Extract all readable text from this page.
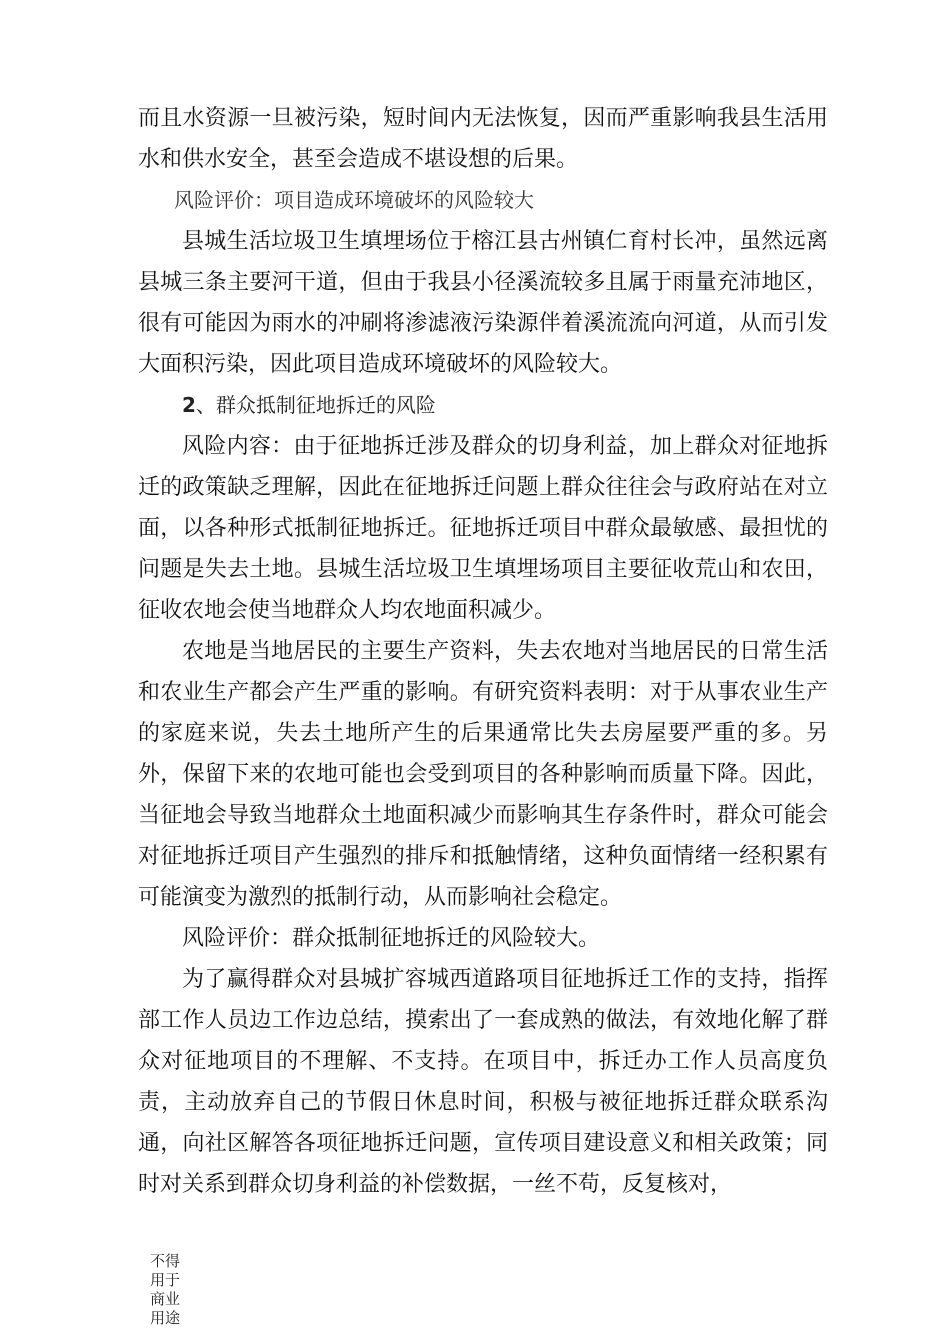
而且水资源一旦被污染，短时间内无法恢复，因而严重影响我县生活用水和供水安全，甚至会造成不堪设想的后果。

风险评价：项目造成环境破坏的风险较大

县城生活垃圾卫生填埋场位于榕江县古州镇仁育村长冲，虽然远离县城三条主要河干道，但由于我县小径溪流较多且属于雨量充沛地区，很有可能因为雨水的冲刷将渗滤液污染源伴着溪流流向河道，从而引发大面积污染，因此项目造成环境破坏的风险较大。

2、群众抵制征地拆迁的风险

风险内容：由于征地拆迁涉及群众的切身利益，加上群众对征地拆迁的政策缺乏理解，因此在征地拆迁问题上群众往往会与政府站在对立面，以各种形式抵制征地拆迁。征地拆迁项目中群众最敏感、最担忧的问题是失去土地。县城生活垃圾卫生填埋场项目主要征收荒山和农田，征收农地会使当地群众人均农地面积减少。

农地是当地居民的主要生产资料，失去农地对当地居民的日常生活和农业生产都会产生严重的影响。有研究资料表明：对于从事农业生产的家庭来说，失去土地所产生的后果通常比失去房屋要严重的多。另外，保留下来的农地可能也会受到项目的各种影响而质量下降。因此，当征地会导致当地群众土地面积减少而影响其生存条件时，群众可能会对征地拆迁项目产生强烈的排斥和抵触情绪，这种负面情绪一经积累有可能演变为激烈的抵制行动，从而影响社会稳定。

风险评价：群众抵制征地拆迁的风险较大。

为了赢得群众对县城扩容城西道路项目征地拆迁工作的支持，指挥部工作人员边工作边总结，摸索出了一套成熟的做法，有效地化解了群众对征地项目的不理解、不支持。在项目中，拆迁办工作人员高度负责，主动放弃自己的节假日休息时间，积极与被征地拆迁群众联系沟通，向社区解答各项征地拆迁问题，宣传项目建设意义和相关政策；同时对关系到群众切身利益的补偿数据，一丝不苟，反复核对，

不得用于商业用途
